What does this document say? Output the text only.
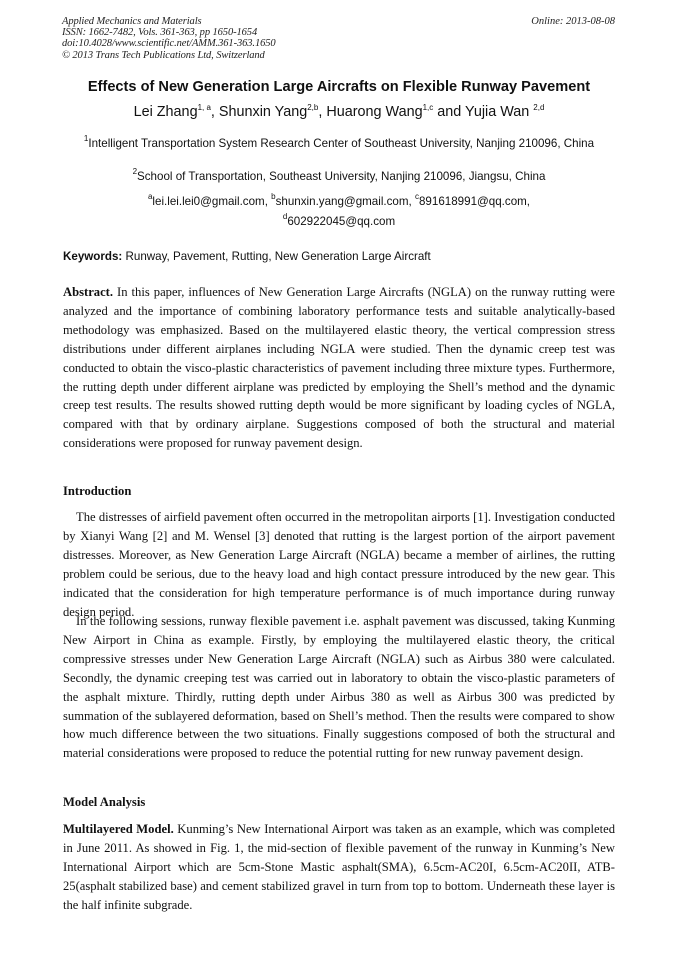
Applied Mechanics and Materials
ISSN: 1662-7482, Vols. 361-363, pp 1650-1654
doi:10.4028/www.scientific.net/AMM.361-363.1650
© 2013 Trans Tech Publications Ltd, Switzerland
Online: 2013-08-08
Effects of New Generation Large Aircrafts on Flexible Runway Pavement
Lei Zhang$^{1, a}$, Shunxin Yang$^{2,b}$, Huarong Wang$^{1,c}$ and Yujia Wan $^{2,d}$
$^1$Intelligent Transportation System Research Center of Southeast University, Nanjing 210096, China
$^2$School of Transportation, Southeast University, Nanjing 210096, Jiangsu, China
$^a$lei.lei.lei0@gmail.com, $^b$shunxin.yang@gmail.com, $^c$891618991@qq.com,
$^d$602922045@qq.com
Keywords: Runway, Pavement, Rutting, New Generation Large Aircraft
Abstract. In this paper, influences of New Generation Large Aircrafts (NGLA) on the runway rutting were analyzed and the importance of combining laboratory performance tests and suitable analytically-based methodology was emphasized. Based on the multilayered elastic theory, the vertical compression stress distributions under different airplanes including NGLA were studied. Then the dynamic creep test was conducted to obtain the visco-plastic characteristics of pavement including three mixture types. Furthermore, the rutting depth under different airplane was predicted by employing the Shell’s method and the dynamic creep test results. The results showed rutting depth would be more significant by loading cycles of NGLA, compared with that by ordinary airplane. Suggestions composed of both the structural and material considerations were proposed for runway pavement design.
Introduction
The distresses of airfield pavement often occurred in the metropolitan airports [1]. Investigation conducted by Xianyi Wang [2] and M. Wensel [3] denoted that rutting is the largest portion of the airport pavement distresses. Moreover, as New Generation Large Aircraft (NGLA) became a member of airlines, the rutting problem could be serious, due to the heavy load and high contact pressure introduced by the new gear. This indicated that the consideration for high temperature performance is of much importance during runway design period.
In the following sessions, runway flexible pavement i.e. asphalt pavement was discussed, taking Kunming New Airport in China as example. Firstly, by employing the multilayered elastic theory, the critical compressive stresses under New Generation Large Aircraft (NGLA) such as Airbus 380 were calculated. Secondly, the dynamic creeping test was carried out in laboratory to obtain the visco-plastic parameters of the asphalt mixture. Thirdly, rutting depth under Airbus 380 as well as Airbus 300 was predicted by summation of the sublayered deformation, based on Shell’s method. Then the results were compared to show how much difference between the two situations. Finally suggestions composed of both the structural and material considerations were proposed to reduce the potential rutting for new runway pavement design.
Model Analysis
Multilayered Model. Kunming’s New International Airport was taken as an example, which was completed in June 2011. As showed in Fig. 1, the mid-section of flexible pavement of the runway in Kunming’s New International Airport which are 5cm-Stone Mastic asphalt(SMA), 6.5cm-AC20I, 6.5cm-AC20II, ATB-25(asphalt stabilized base) and cement stabilized gravel in turn from top to bottom. Underneath these layer is the half infinite subgrade.
